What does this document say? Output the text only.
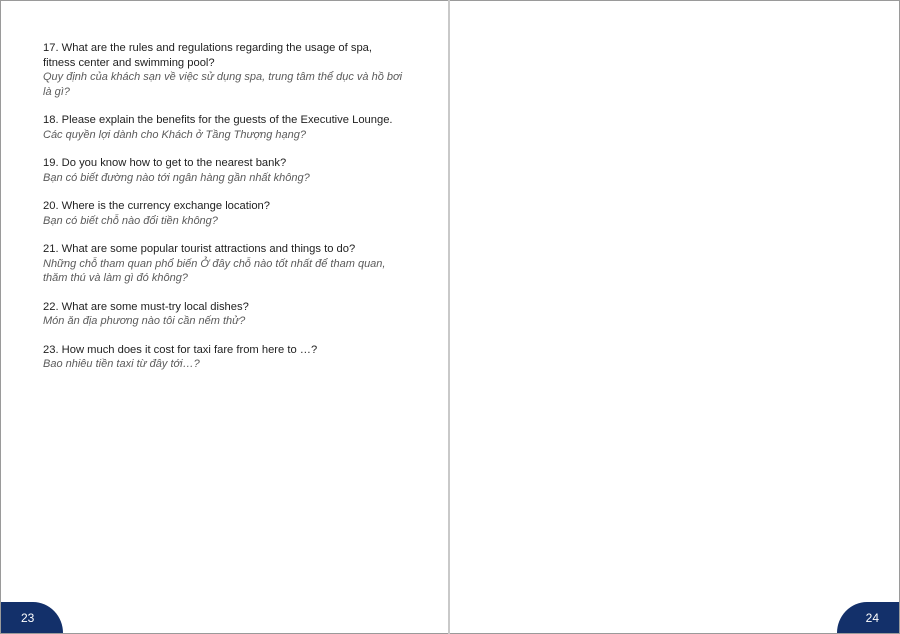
17. What are the rules and regulations regarding the usage of spa, fitness center and swimming pool?

Quy định của khách sạn về việc sử dụng spa, trung tâm thể dục và hồ bơi là gì?

18. Please explain the benefits for the guests of the Executive Lounge.

Các quyền lợi dành cho Khách ở Tầng Thượng hạng?

19. Do you know how to get to the nearest bank?

Bạn có biết đường nào tới ngân hàng gần nhất không?

20. Where is the currency exchange location?

Bạn có biết chỗ nào đổi tiền không?

21. What are some popular tourist attractions and things to do?

Những chỗ tham quan phổ biến Ở đây chỗ nào tốt nhất để tham quan, thăm thú và làm gì đó không?

22. What are some must-try local dishes?

Món ăn địa phương nào tôi cần nếm thử?

23. How much does it cost for taxi fare from here to …?

Bao nhiêu tiền taxi từ đây tới…?

23	24
